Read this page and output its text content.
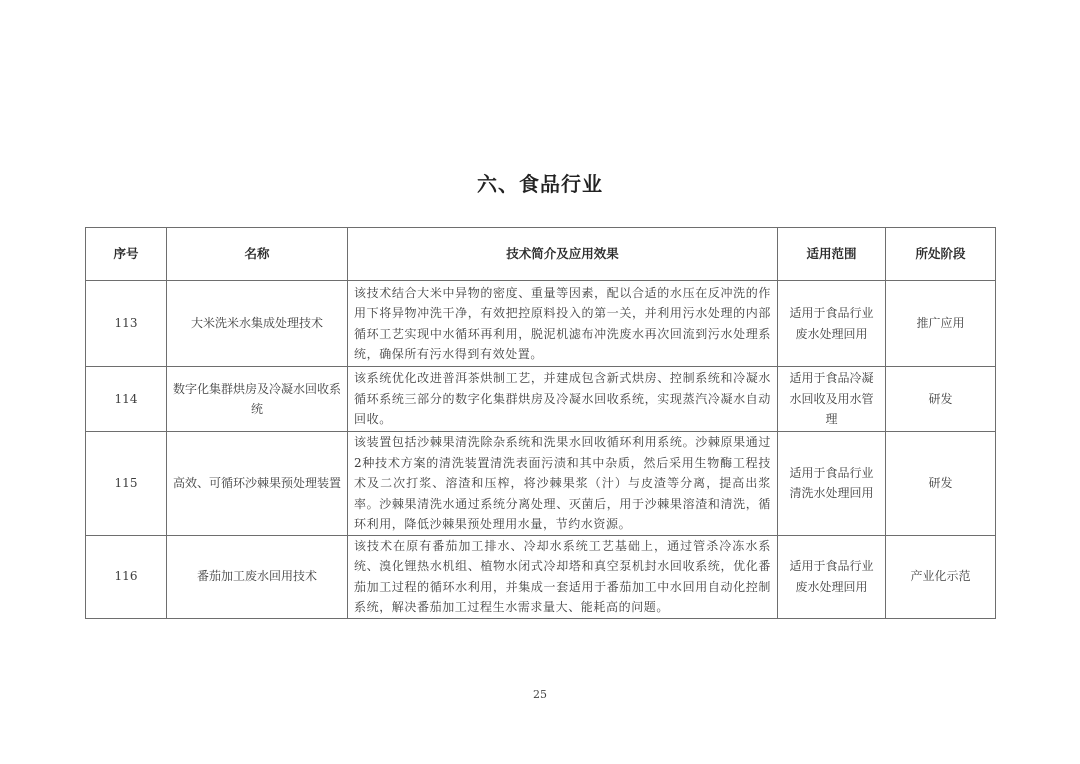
六、食品行业
序号	名称	技术简介及应用效果	适用范围	所处阶段
113	大米洗米水集成处理技术	该技术结合大米中异物的密度、重量等因素，配以合适的水压在反冲洗的作用下将异物冲洗干净，有效把控原料投入的第一关，并利用污水处理的内部循环工艺实现中水循环再利用，脱泥机滤布冲洗废水再次回流到污水处理系统，确保所有污水得到有效处置。	适用于食品行业废水处理回用	推广应用
114	数字化集群烘房及冷凝水回收系统	该系统优化改进普洱茶烘制工艺，并建成包含新式烘房、控制系统和冷凝水循环系统三部分的数字化集群烘房及冷凝水回收系统，实现蒸汽冷凝水自动回收。	适用于食品冷凝水回收及用水管理	研发
115	高效、可循环沙棘果预处理装置	该装置包括沙棘果清洗除杂系统和洗果水回收循环利用系统。沙棘原果通过2种技术方案的清洗装置清洗表面污渍和其中杂质，然后采用生物酶工程技术及二次打浆、溶渣和压榨，将沙棘果浆（汁）与皮渣等分离，提高出浆率。沙棘果清洗水通过系统分离处理、灭菌后，用于沙棘果溶渣和清洗，循环利用，降低沙棘果预处理用水量，节约水资源。	适用于食品行业清洗水处理回用	研发
116	番茄加工废水回用技术	该技术在原有番茄加工排水、冷却水系统工艺基础上，通过管杀冷冻水系统、溴化锂热水机组、植物水闭式冷却塔和真空泵机封水回收系统，优化番茄加工过程的循环水利用，并集成一套适用于番茄加工中水回用自动化控制系统，解决番茄加工过程生水需求量大、能耗高的问题。	适用于食品行业废水处理回用	产业化示范
25
